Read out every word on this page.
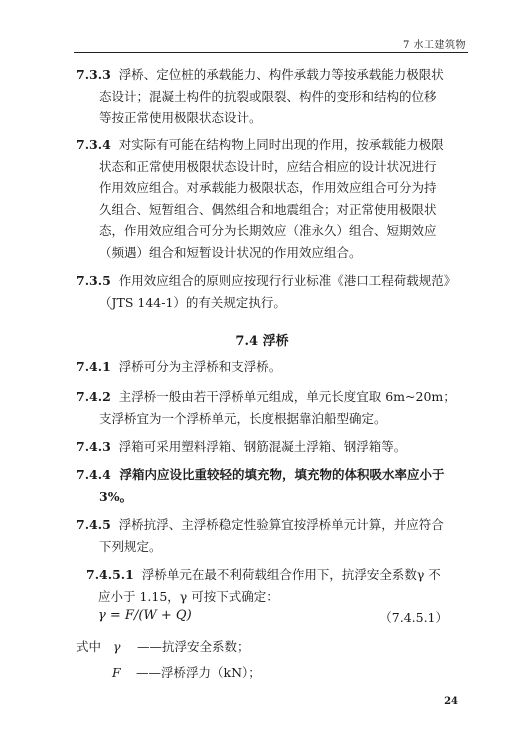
7 水工建筑物
7.3.3 浮桥、定位桩的承载能力、构件承载力等按承载能力极限状
态设计；混凝土构件的抗裂或限裂、构件的变形和结构的位移
等按正常使用极限状态设计。
7.3.4 对实际有可能在结构物上同时出现的作用，按承载能力极限
状态和正常使用极限状态设计时，应结合相应的设计状况进行
作用效应组合。对承载能力极限状态，作用效应组合可分为持
久组合、短暂组合、偶然组合和地震组合；对正常使用极限状
态，作用效应组合可分为长期效应（准永久）组合、短期效应
（频遇）组合和短暂设计状况的作用效应组合。
7.3.5 作用效应组合的原则应按现行行业标准《港口工程荷载规范》
（JTS 144-1）的有关规定执行。
7.4 浮桥
7.4.1 浮桥可分为主浮桥和支浮桥。
7.4.2 主浮桥一般由若干浮桥单元组成，单元长度宜取 6m~20m；
支浮桥宜为一个浮桥单元，长度根据靠泊船型确定。
7.4.3 浮箱可采用塑料浮箱、钢筋混凝土浮箱、钢浮箱等。
7.4.4 浮箱内应设比重较轻的填充物，填充物的体积吸水率应小于
3%。
7.4.5 浮桥抗浮、主浮桥稳定性验算宜按浮桥单元计算，并应符合
下列规定。
7.4.5.1 浮桥单元在最不利荷载组合作用下，抗浮安全系数γ 不
应小于 1.15，γ 可按下式确定：
γ = F/(W + Q)	（7.4.5.1）
式中 γ ——抗浮安全系数；
F ——浮桥浮力（kN）；
24
